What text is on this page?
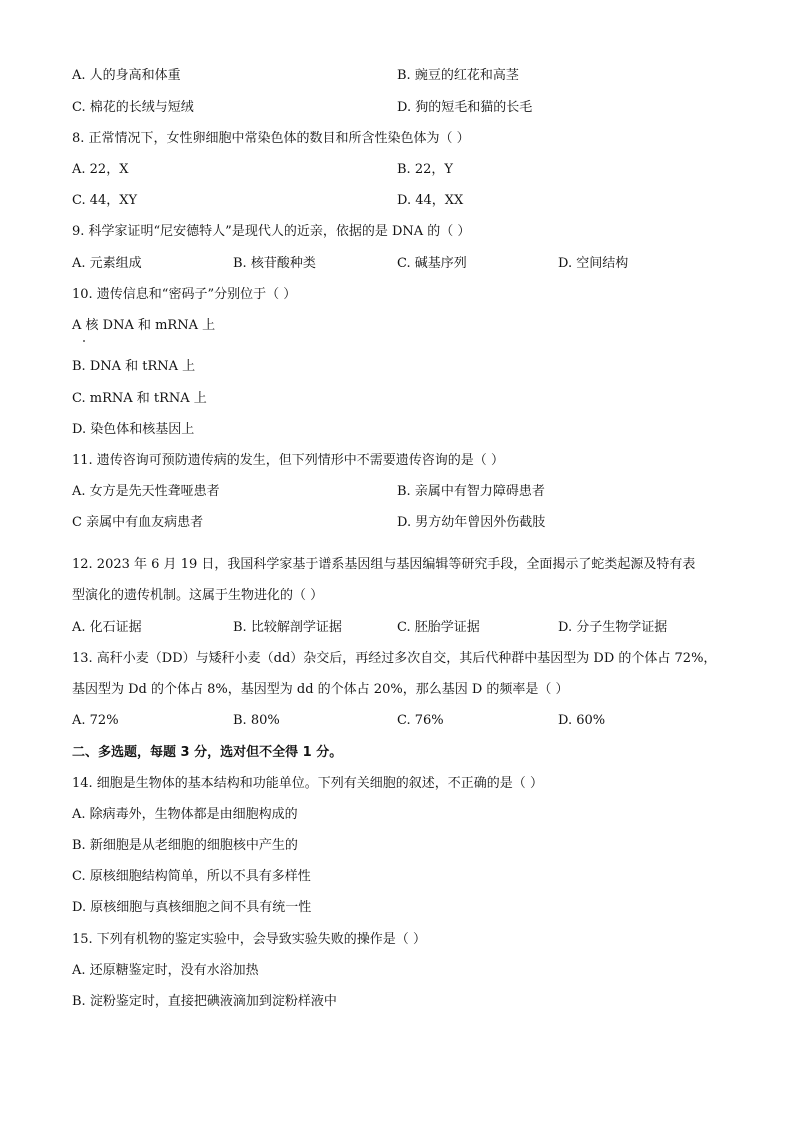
A. 人的身高和体重	B. 豌豆的红花和高茎
C. 棉花的长绒与短绒	D. 狗的短毛和猫的长毛
8. 正常情况下，女性卵细胞中常染色体的数目和所含性染色体为（ ）
A. 22，X	B. 22，Y
C. 44，XY	D. 44，XX
9. 科学家证明“尼安德特人”是现代人的近亲，依据的是 DNA 的（ ）
A. 元素组成	B. 核苷酸种类	C. 碱基序列	D. 空间结构
10. 遗传信息和“密码子”分别位于（ ）
A 核 DNA 和 mRNA 上
B. DNA 和 tRNA 上
C. mRNA 和 tRNA 上
D. 染色体和核基因上
11. 遗传咨询可预防遗传病的发生，但下列情形中不需要遗传咨询的是（ ）
A. 女方是先天性聋哑患者	B. 亲属中有智力障碍患者
C 亲属中有血友病患者	D. 男方幼年曾因外伤截肢
12. 2023 年 6 月 19 日，我国科学家基于谱系基因组与基因编辑等研究手段，全面揭示了蛇类起源及特有表
型演化的遗传机制。这属于生物进化的（ ）
A. 化石证据	B. 比较解剖学证据	C. 胚胎学证据	D. 分子生物学证据
13. 高秆小麦（DD）与矮秆小麦（dd）杂交后，再经过多次自交，其后代种群中基因型为 DD 的个体占 72%，
基因型为 Dd 的个体占 8%，基因型为 dd 的个体占 20%，那么基因 D 的频率是（ ）
A. 72%	B. 80%	C. 76%	D. 60%
二、多选题，每题 3 分，选对但不全得 1 分。
14. 细胞是生物体的基本结构和功能单位。下列有关细胞的叙述，不正确的是（ ）
A. 除病毒外，生物体都是由细胞构成的
B. 新细胞是从老细胞的细胞核中产生的
C. 原核细胞结构简单，所以不具有多样性
D. 原核细胞与真核细胞之间不具有统一性
15. 下列有机物的鉴定实验中，会导致实验失败的操作是（ ）
A. 还原糖鉴定时，没有水浴加热
B. 淀粉鉴定时，直接把碘液滴加到淀粉样液中
